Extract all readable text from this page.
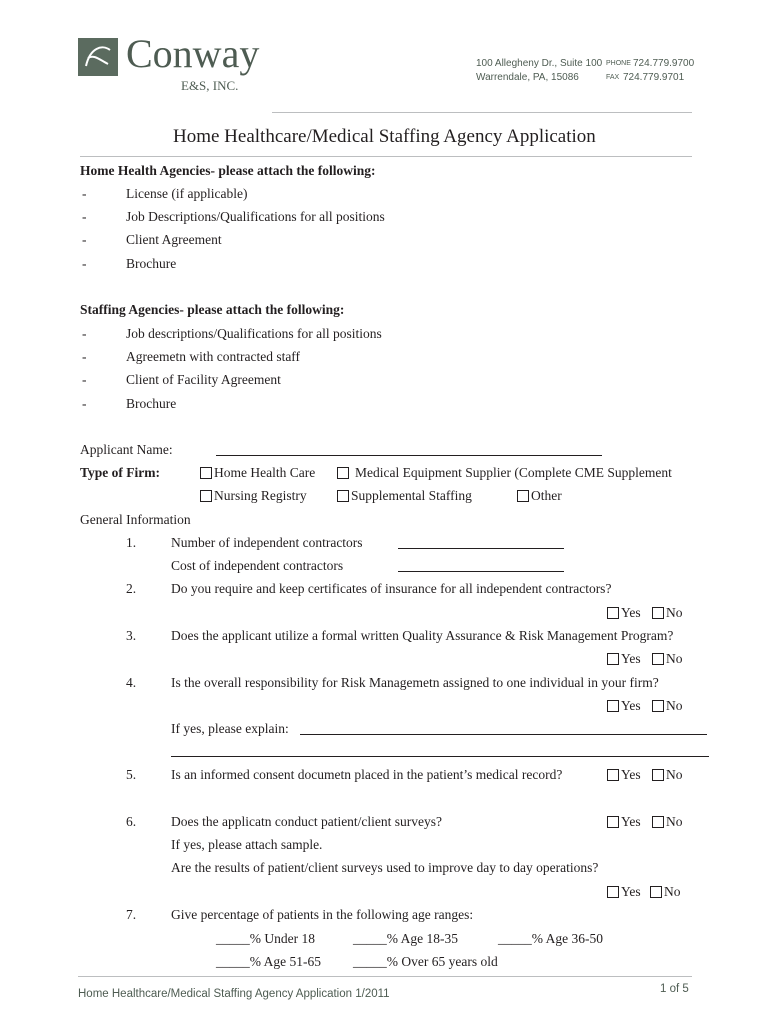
Conway
E&S, INC.
100 Allegheny Dr., Suite 100
Warrendale, PA, 15086
PHONE 724.779.9700
FAX 724.779.9701
Home Healthcare/Medical Staffing Agency Application
Home Health Agencies- please attach the following:
-	License (if applicable)
-	Job Descriptions/Qualifications for all positions
-	Client Agreement
-	Brochure
Staffing Agencies- please attach the following:
-	Job descriptions/Qualifications for all positions
-	Agreemetn with contracted staff
-	Client of Facility Agreement
-	Brochure
Applicant Name:
Type of Firm:	Home Health Care	Medical Equipment Supplier (Complete CME Supplement
Nursing Registry	Supplemental Staffing	Other
General Information
1.	Number of independent contractors
Cost of independent contractors
2.	Do you require and keep certificates of insurance for all independent contractors?
Yes	No
3.	Does the applicant utilize a formal written Quality Assurance & Risk Management Program?
Yes	No
4.	Is the overall responsibility for Risk Managemetn assigned to one individual in your firm?
Yes	No
If yes, please explain:
5.	Is an informed consent documetn placed in the patient’s medical record?	Yes	No
6.	Does the applicatn conduct patient/client surveys?	Yes	No
If yes, please attach sample.
Are the results of patient/client surveys used to improve day to day operations?
Yes	No
7.	Give percentage of patients in the following age ranges:
_____% Under 18	_____% Age 18-35	_____% Age 36-50
_____% Age 51-65 _____% Over 65 years old
Home Healthcare/Medical Staffing Agency Application 1/2011	1 of 5
